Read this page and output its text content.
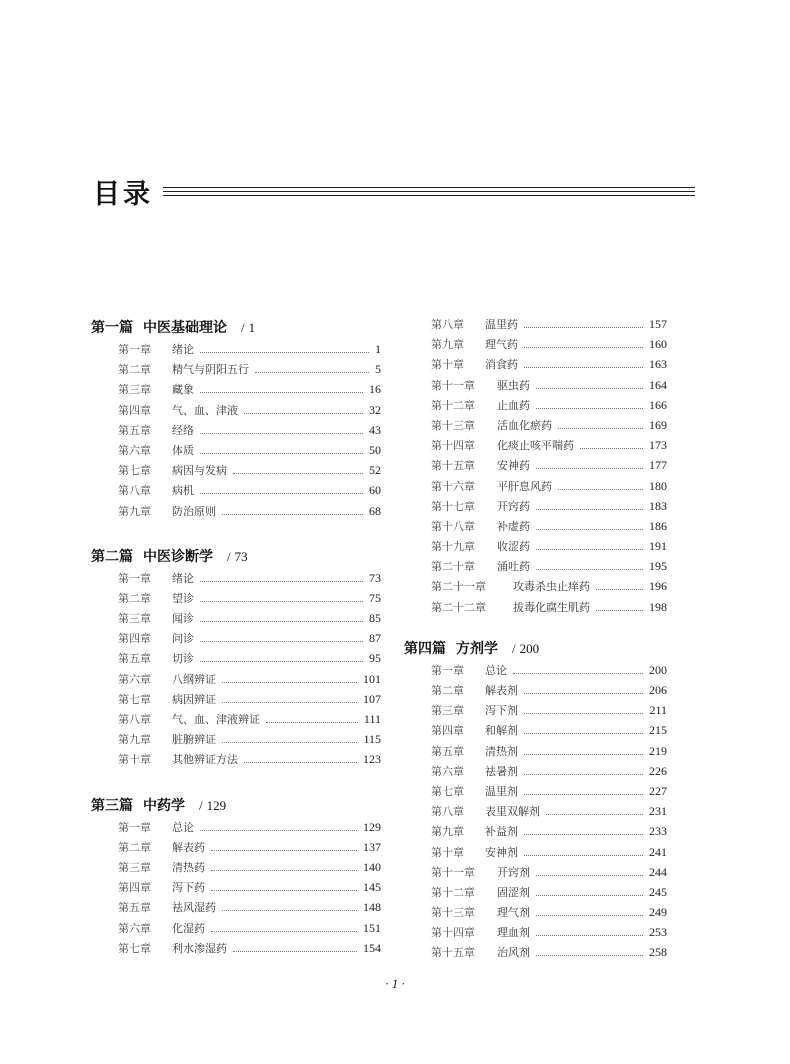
目录
第一篇 中医基础理论 / 1
第一章	绪论	1
第二章	精气与阴阳五行	5
第三章	藏象	16
第四章	气、血、津液	32
第五章	经络	43
第六章	体质	50
第七章	病因与发病	52
第八章	病机	60
第九章	防治原则	68
第二篇 中医诊断学 / 73
第一章	绪论	73
第二章	望诊	75
第三章	闻诊	85
第四章	问诊	87
第五章	切诊	95
第六章	八纲辨证	101
第七章	病因辨证	107
第八章	气、血、津液辨证	111
第九章	脏腑辨证	115
第十章	其他辨证方法	123
第三篇 中药学 / 129
第一章	总论	129
第二章	解表药	137
第三章	清热药	140
第四章	泻下药	145
第五章	祛风湿药	148
第六章	化湿药	151
第七章	利水渗湿药	154
第八章	温里药	157
第九章	理气药	160
第十章	消食药	163
第十一章	驱虫药	164
第十二章	止血药	166
第十三章	活血化瘀药	169
第十四章	化痰止咳平喘药	173
第十五章	安神药	177
第十六章	平肝息风药	180
第十七章	开窍药	183
第十八章	补虚药	186
第十九章	收涩药	191
第二十章	涌吐药	195
第二十一章	攻毒杀虫止痒药	196
第二十二章	拔毒化腐生肌药	198
第四篇 方剂学 / 200
第一章	总论	200
第二章	解表剂	206
第三章	泻下剂	211
第四章	和解剂	215
第五章	清热剂	219
第六章	祛暑剂	226
第七章	温里剂	227
第八章	表里双解剂	231
第九章	补益剂	233
第十章	安神剂	241
第十一章	开窍剂	244
第十二章	固涩剂	245
第十三章	理气剂	249
第十四章	理血剂	253
第十五章	治风剂	258
· 1 ·
